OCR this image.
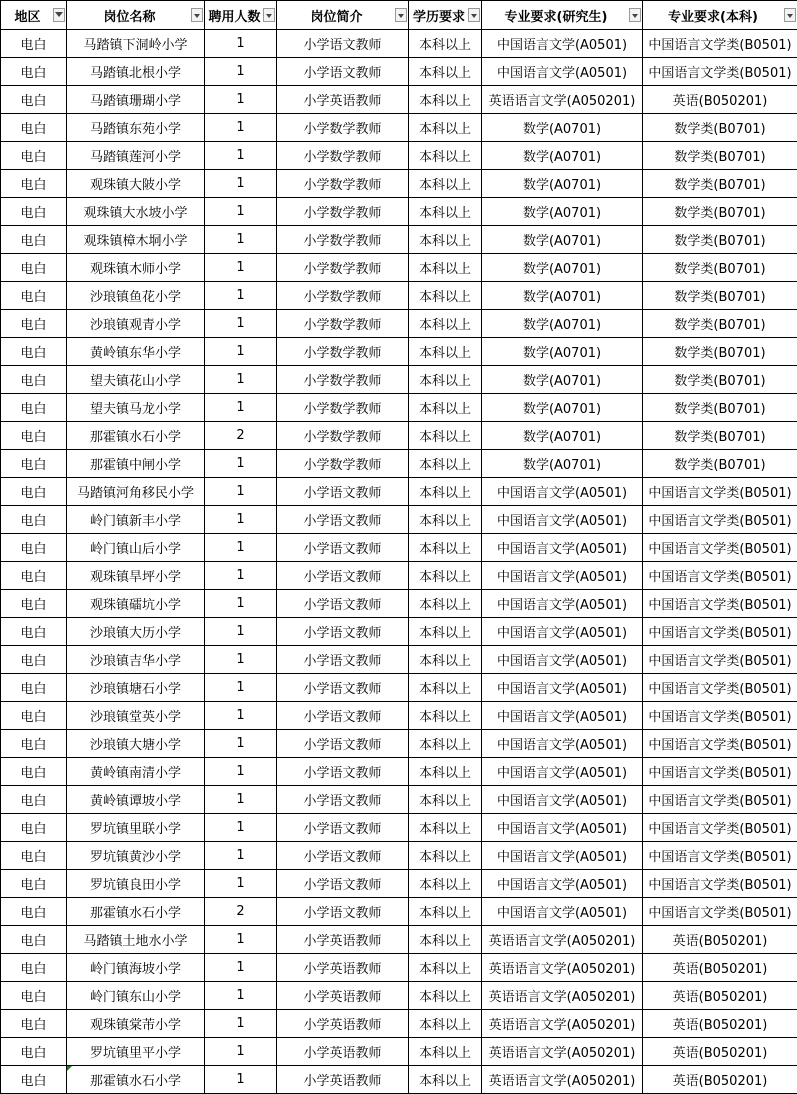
地区	岗位名称	聘用人数	岗位简介	学历要求	专业要求(研究生)	专业要求(本科)

电白	马踏镇下洞岭小学	1	小学语文教师	本科以上	中国语言文学(A0501)	中国语言文学类(B0501)
电白	马踏镇北根小学	1	小学语文教师	本科以上	中国语言文学(A0501)	中国语言文学类(B0501)
电白	马踏镇珊瑚小学	1	小学英语教师	本科以上	英语语言文学(A050201)	英语(B050201)
电白	马踏镇东苑小学	1	小学数学教师	本科以上	数学(A0701)	数学类(B0701)
电白	马踏镇莲河小学	1	小学数学教师	本科以上	数学(A0701)	数学类(B0701)
电白	观珠镇大陂小学	1	小学数学教师	本科以上	数学(A0701)	数学类(B0701)
电白	观珠镇大水坡小学	1	小学数学教师	本科以上	数学(A0701)	数学类(B0701)
电白	观珠镇樟木垌小学	1	小学数学教师	本科以上	数学(A0701)	数学类(B0701)
电白	观珠镇木师小学	1	小学数学教师	本科以上	数学(A0701)	数学类(B0701)
电白	沙琅镇鱼花小学	1	小学数学教师	本科以上	数学(A0701)	数学类(B0701)
电白	沙琅镇观青小学	1	小学数学教师	本科以上	数学(A0701)	数学类(B0701)
电白	黄岭镇东华小学	1	小学数学教师	本科以上	数学(A0701)	数学类(B0701)
电白	望夫镇花山小学	1	小学数学教师	本科以上	数学(A0701)	数学类(B0701)
电白	望夫镇马龙小学	1	小学数学教师	本科以上	数学(A0701)	数学类(B0701)
电白	那霍镇水石小学	2	小学数学教师	本科以上	数学(A0701)	数学类(B0701)
电白	那霍镇中闸小学	1	小学数学教师	本科以上	数学(A0701)	数学类(B0701)
电白	马踏镇河角移民小学	1	小学语文教师	本科以上	中国语言文学(A0501)	中国语言文学类(B0501)
电白	岭门镇新丰小学	1	小学语文教师	本科以上	中国语言文学(A0501)	中国语言文学类(B0501)
电白	岭门镇山后小学	1	小学语文教师	本科以上	中国语言文学(A0501)	中国语言文学类(B0501)
电白	观珠镇旱坪小学	1	小学语文教师	本科以上	中国语言文学(A0501)	中国语言文学类(B0501)
电白	观珠镇礌坑小学	1	小学语文教师	本科以上	中国语言文学(A0501)	中国语言文学类(B0501)
电白	沙琅镇大历小学	1	小学语文教师	本科以上	中国语言文学(A0501)	中国语言文学类(B0501)
电白	沙琅镇吉华小学	1	小学语文教师	本科以上	中国语言文学(A0501)	中国语言文学类(B0501)
电白	沙琅镇塘石小学	1	小学语文教师	本科以上	中国语言文学(A0501)	中国语言文学类(B0501)
电白	沙琅镇堂英小学	1	小学语文教师	本科以上	中国语言文学(A0501)	中国语言文学类(B0501)
电白	沙琅镇大塘小学	1	小学语文教师	本科以上	中国语言文学(A0501)	中国语言文学类(B0501)
电白	黄岭镇南清小学	1	小学语文教师	本科以上	中国语言文学(A0501)	中国语言文学类(B0501)
电白	黄岭镇谭坡小学	1	小学语文教师	本科以上	中国语言文学(A0501)	中国语言文学类(B0501)
电白	罗坑镇里联小学	1	小学语文教师	本科以上	中国语言文学(A0501)	中国语言文学类(B0501)
电白	罗坑镇黄沙小学	1	小学语文教师	本科以上	中国语言文学(A0501)	中国语言文学类(B0501)
电白	罗坑镇良田小学	1	小学语文教师	本科以上	中国语言文学(A0501)	中国语言文学类(B0501)
电白	那霍镇水石小学	2	小学语文教师	本科以上	中国语言文学(A0501)	中国语言文学类(B0501)
电白	马踏镇土地水小学	1	小学英语教师	本科以上	英语语言文学(A050201)	英语(B050201)
电白	岭门镇海坡小学	1	小学英语教师	本科以上	英语语言文学(A050201)	英语(B050201)
电白	岭门镇东山小学	1	小学英语教师	本科以上	英语语言文学(A050201)	英语(B050201)
电白	观珠镇棠芾小学	1	小学英语教师	本科以上	英语语言文学(A050201)	英语(B050201)
电白	罗坑镇里平小学	1	小学英语教师	本科以上	英语语言文学(A050201)	英语(B050201)
电白	那霍镇水石小学	1	小学英语教师	本科以上	英语语言文学(A050201)	英语(B050201)
